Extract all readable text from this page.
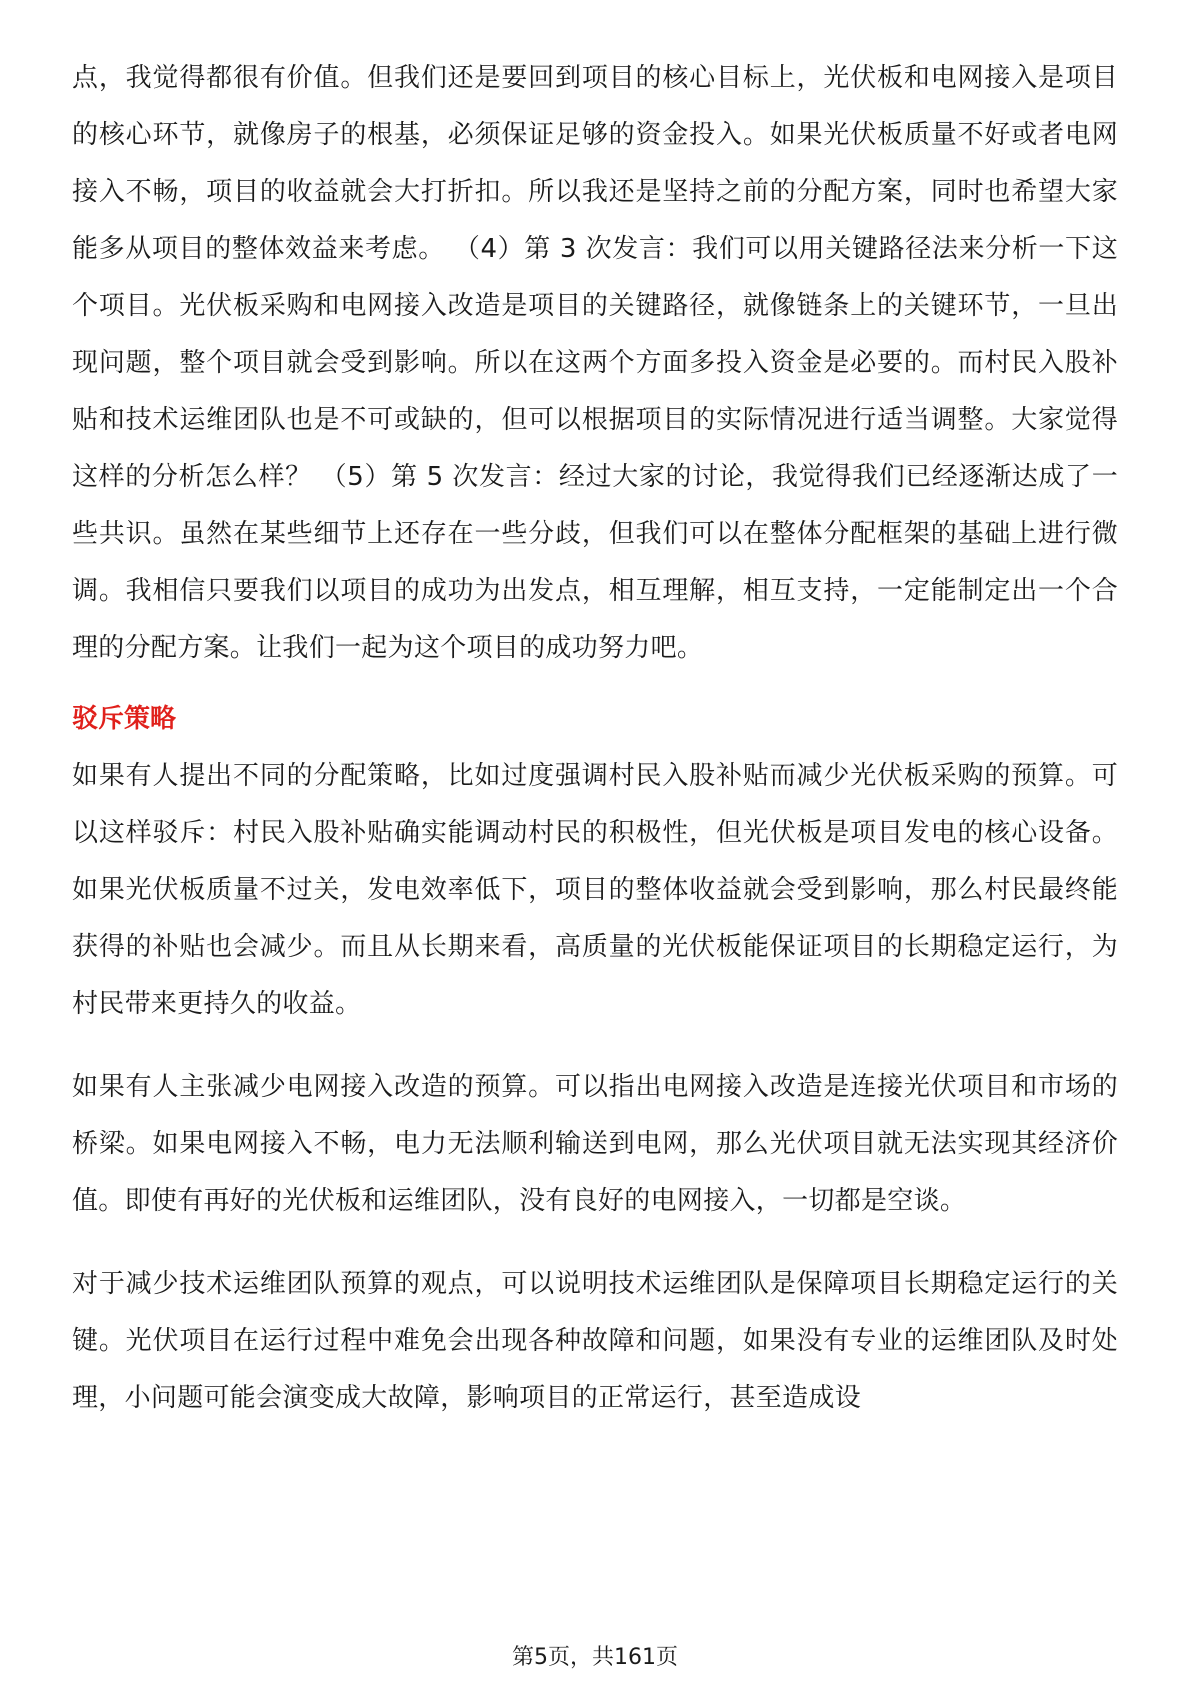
点，我觉得都很有价值。但我们还是要回到项目的核心目标上，光伏板和电网接入是项目的核心环节，就像房子的根基，必须保证足够的资金投入。如果光伏板质量不好或者电网接入不畅，项目的收益就会大打折扣。所以我还是坚持之前的分配方案，同时也希望大家能多从项目的整体效益来考虑。 （4）第 3 次发言：我们可以用关键路径法来分析一下这个项目。光伏板采购和电网接入改造是项目的关键路径，就像链条上的关键环节，一旦出现问题，整个项目就会受到影响。所以在这两个方面多投入资金是必要的。而村民入股补贴和技术运维团队也是不可或缺的，但可以根据项目的实际情况进行适当调整。大家觉得这样的分析怎么样？ （5）第 5 次发言：经过大家的讨论，我觉得我们已经逐渐达成了一些共识。虽然在某些细节上还存在一些分歧，但我们可以在整体分配框架的基础上进行微调。我相信只要我们以项目的成功为出发点，相互理解，相互支持，一定能制定出一个合理的分配方案。让我们一起为这个项目的成功努力吧。

驳斥策略

如果有人提出不同的分配策略，比如过度强调村民入股补贴而减少光伏板采购的预算。可以这样驳斥：村民入股补贴确实能调动村民的积极性，但光伏板是项目发电的核心设备。如果光伏板质量不过关，发电效率低下，项目的整体收益就会受到影响，那么村民最终能获得的补贴也会减少。而且从长期来看，高质量的光伏板能保证项目的长期稳定运行，为村民带来更持久的收益。

如果有人主张减少电网接入改造的预算。可以指出电网接入改造是连接光伏项目和市场的桥梁。如果电网接入不畅，电力无法顺利输送到电网，那么光伏项目就无法实现其经济价值。即使有再好的光伏板和运维团队，没有良好的电网接入，一切都是空谈。

对于减少技术运维团队预算的观点，可以说明技术运维团队是保障项目长期稳定运行的关键。光伏项目在运行过程中难免会出现各种故障和问题，如果没有专业的运维团队及时处理，小问题可能会演变成大故障，影响项目的正常运行，甚至造成设

第5页，共161页
